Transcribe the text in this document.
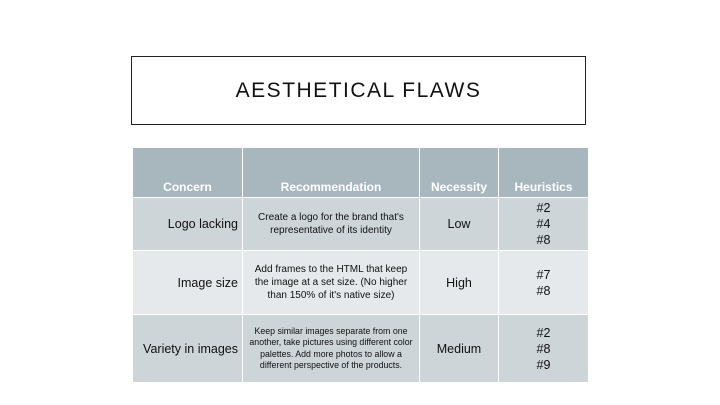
AESTHETICAL FLAWS
Concern	Recommendation	Necessity	Heuristics
Logo lacking	Create a logo for the brand that's representative of its identity	Low	#2
#4
#8

Image size	Add frames to the HTML that keep the image at a set size. (No higher than 150% of it's native size)	High	#7
#8

Variety in images	Keep similar images separate from one another, take pictures using different color palettes. Add more photos to allow a different perspective of the products.	Medium	#2
#8
#9
